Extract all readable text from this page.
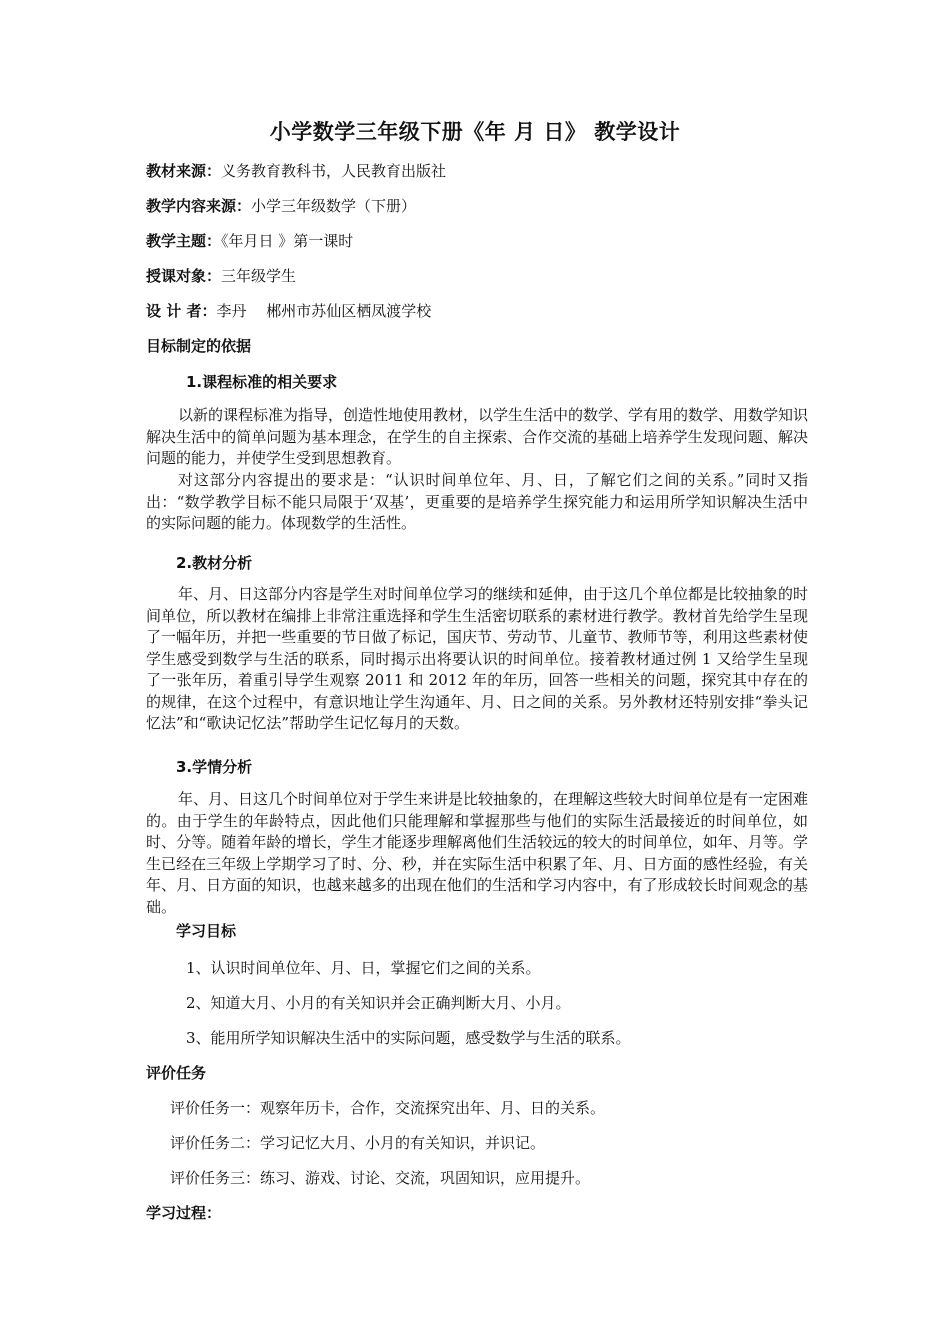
小学数学三年级下册《年 月 日》 教学设计
教材来源：义务教育教科书，人民教育出版社
教学内容来源：小学三年级数学（下册）
教学主题：《年月日 》第一课时
授课对象：三年级学生
设 计 者：李丹　 郴州市苏仙区栖凤渡学校
目标制定的依据
1.课程标准的相关要求
以新的课程标准为指导，创造性地使用教材，以学生生活中的数学、学有用的数学、用数学知识解决生活中的简单问题为基本理念，在学生的自主探索、合作交流的基础上培养学生发现问题、解决问题的能力，并使学生受到思想教育。
对这部分内容提出的要求是：“认识时间单位年、月、日，了解它们之间的关系。”同时又指出：“数学教学目标不能只局限于‘双基’，更重要的是培养学生探究能力和运用所学知识解决生活中的实际问题的能力。体现数学的生活性。
2.教材分析
年、月、日这部分内容是学生对时间单位学习的继续和延伸，由于这几个单位都是比较抽象的时间单位，所以教材在编排上非常注重选择和学生生活密切联系的素材进行教学。教材首先给学生呈现了一幅年历，并把一些重要的节日做了标记，国庆节、劳动节、儿童节、教师节等，利用这些素材使学生感受到数学与生活的联系，同时揭示出将要认识的时间单位。接着教材通过例 1 又给学生呈现了一张年历，着重引导学生观察 2011 和 2012 年的年历，回答一些相关的问题，探究其中存在的的规律，在这个过程中，有意识地让学生沟通年、月、日之间的关系。另外教材还特别安排“拳头记忆法”和“歌诀记忆法”帮助学生记忆每月的天数。
3.学情分析
年、月、日这几个时间单位对于学生来讲是比较抽象的，在理解这些较大时间单位是有一定困难的。由于学生的年龄特点，因此他们只能理解和掌握那些与他们的实际生活最接近的时间单位，如时、分等。随着年龄的增长，学生才能逐步理解离他们生活较远的较大的时间单位，如年、月等。学生已经在三年级上学期学习了时、分、秒，并在实际生活中积累了年、月、日方面的感性经验，有关年、月、日方面的知识，也越来越多的出现在他们的生活和学习内容中，有了形成较长时间观念的基础。
学习目标
1、认识时间单位年、月、日，掌握它们之间的关系。
2、知道大月、小月的有关知识并会正确判断大月、小月。
3、能用所学知识解决生活中的实际问题，感受数学与生活的联系。
评价任务
评价任务一：观察年历卡，合作，交流探究出年、月、日的关系。
评价任务二：学习记忆大月、小月的有关知识，并识记。
评价任务三：练习、游戏、讨论、交流，巩固知识，应用提升。
学习过程：
